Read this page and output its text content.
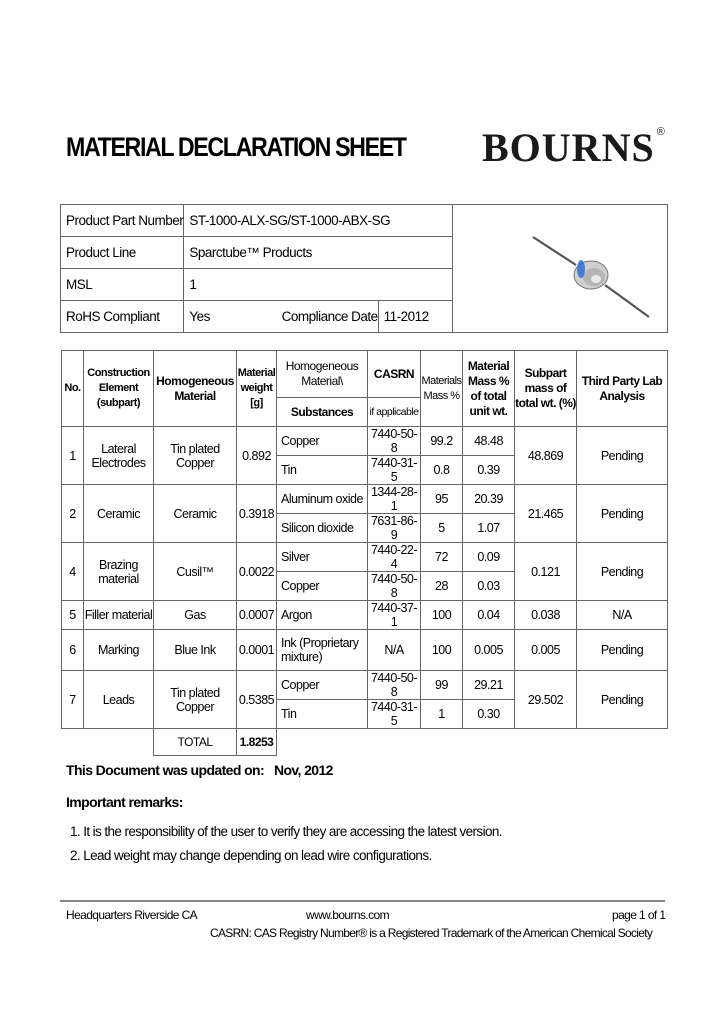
MATERIAL DECLARATION SHEET BOURNS ®
Product Part Number	ST-1000-ALX-SG/ST-1000-ABX-SG	
Product Line	Sparctube™ Products			
MSL	1			
RoHS Compliant	Yes	Compliance Date	11-2012	
No.	Construction Element (subpart)	Homogeneous Material	Material weight [g]	Homogeneous Material\	CASRN	Materials Mass %	Material Mass % of total unit wt.	Subpart mass of total wt. (%)	Third Party Lab Analysis
				Substances	if applicable				
1	Lateral Electrodes	Tin plated Copper	0.892	Copper	7440-50-8	99.2	48.48	48.869	Pending
				Tin	7440-31-5	0.8	0.39		
2	Ceramic	Ceramic	0.3918	Aluminum oxide	1344-28-1	95	20.39	21.465	Pending
				Silicon dioxide	7631-86-9	5	1.07		
4	Brazing material	Cusil™	0.0022	Silver	7440-22-4	72	0.09	0.121	Pending
				Copper	7440-50-8	28	0.03		
5	Filler material	Gas	0.0007	Argon	7440-37-1	100	0.04	0.038	N/A
6	Marking	Blue Ink	0.0001	Ink (Proprietary mixture)	N/A	100	0.005	0.005	Pending
7	Leads	Tin plated Copper	0.5385	Copper	7440-50-8	99	29.21	29.502	Pending
				Tin	7440-31-5	1	0.30		
		TOTAL	1.8253						
This Document was updated on: Nov, 2012
Important remarks:
1. It is the responsibility of the user to verify they are accessing the latest version.
2. Lead weight may change depending on lead wire configurations.
Headquarters Riverside CA	www.bourns.com	page 1 of 1
CASRN: CAS Registry Number® is a Registered Trademark of the American Chemical Society
